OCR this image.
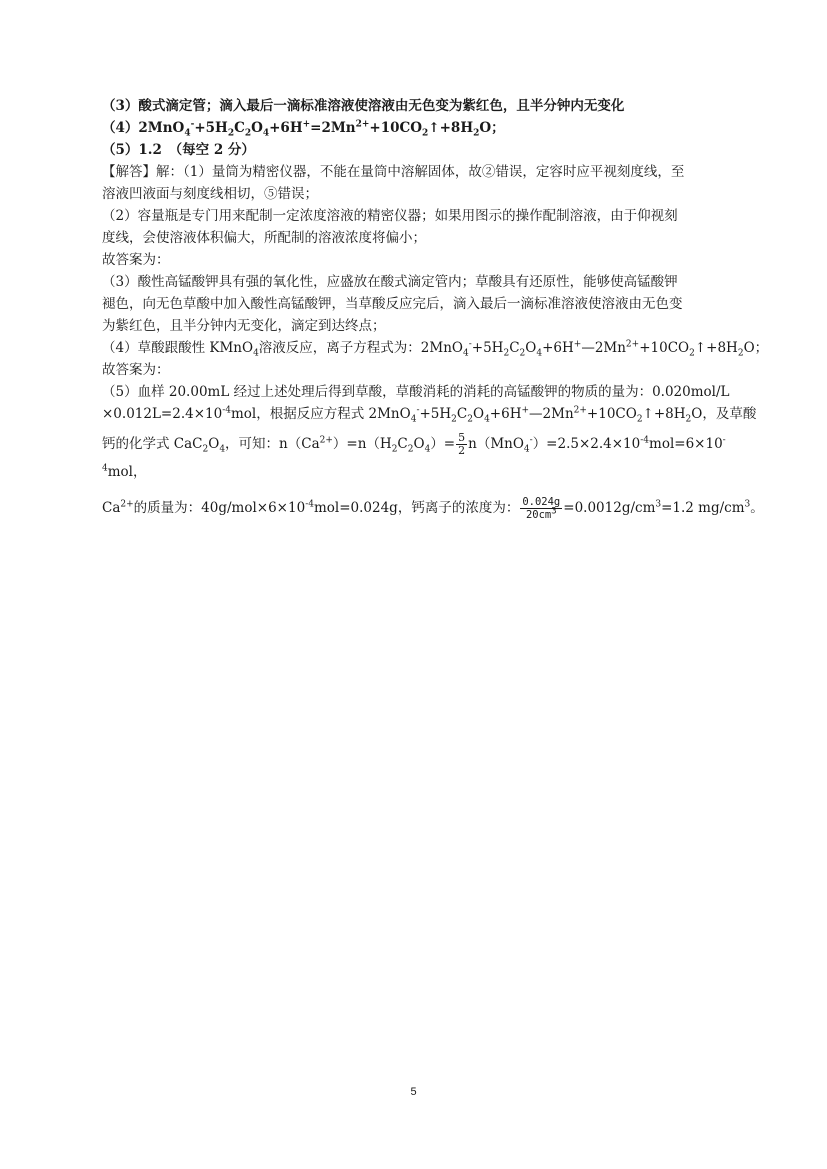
（3）酸式滴定管；滴入最后一滴标准溶液使溶液由无色变为紫红色，且半分钟内无变化
$(4)2MnO_4^-+5H_2C_2O_4+6H^+=2Mn^{2+}+10CO_2↑+8H_2O$；
（5）1.2　（每空 2 分）
【解答】解：（1）量筒为精密仪器，不能在量筒中溶解固体，故②错误，定容时应平视刻度线，至
溶液凹液面与刻度线相切，⑤错误；
（2）容量瓶是专门用来配制一定浓度溶液的精密仪器；如果用图示的操作配制溶液，由于仰视刻
度线，会使溶液体积偏大，所配制的溶液浓度将偏小；
故答案为：
（3）酸性高锰酸钾具有强的氧化性，应盛放在酸式滴定管内；草酸具有还原性，能够使高锰酸钾
褪色，向无色草酸中加入酸性高锰酸钾，当草酸反应完后，滴入最后一滴标准溶液使溶液由无色变
为紫红色，且半分钟内无变化，滴定到达终点；
（4）草酸跟酸性 KMnO$_4$溶液反应，离子方程式为：$2MnO_4^-+5H_2C_2O_4+6H^+—2Mn^{2+}+10CO_2↑+8H_2O$；
故答案为：
（5）血样 20.00mL 经过上述处理后得到草酸，草酸消耗的消耗的高锰酸钾的物质的量为：0.020mol/L
$\times 0.012L=2.4\times 10^{-4}mol$，根据反应方程式 $2MnO_4^-+5H_2C_2O_4+6H^+—2Mn^{2+}+10CO_2↑+8H_2O$，及草酸
钙的化学式 $CaC_2O_4$，可知：$n(Ca^{2+})=n(H_2C_2O_4)= \frac{5}{2} n(MnO_4^-)=2.5\times 2.4\times 10^{-4}mol=6\times 10^-$
$^4$mol，
$Ca^{2+}$的质量为：$40g/mol\times 6\times 10^{-4}mol=0.024g$，钙离子的浓度为： $\frac{0.024g}{20cm^3} =0.0012g/cm^3=1.2$ $mg/cm^3$。
5
